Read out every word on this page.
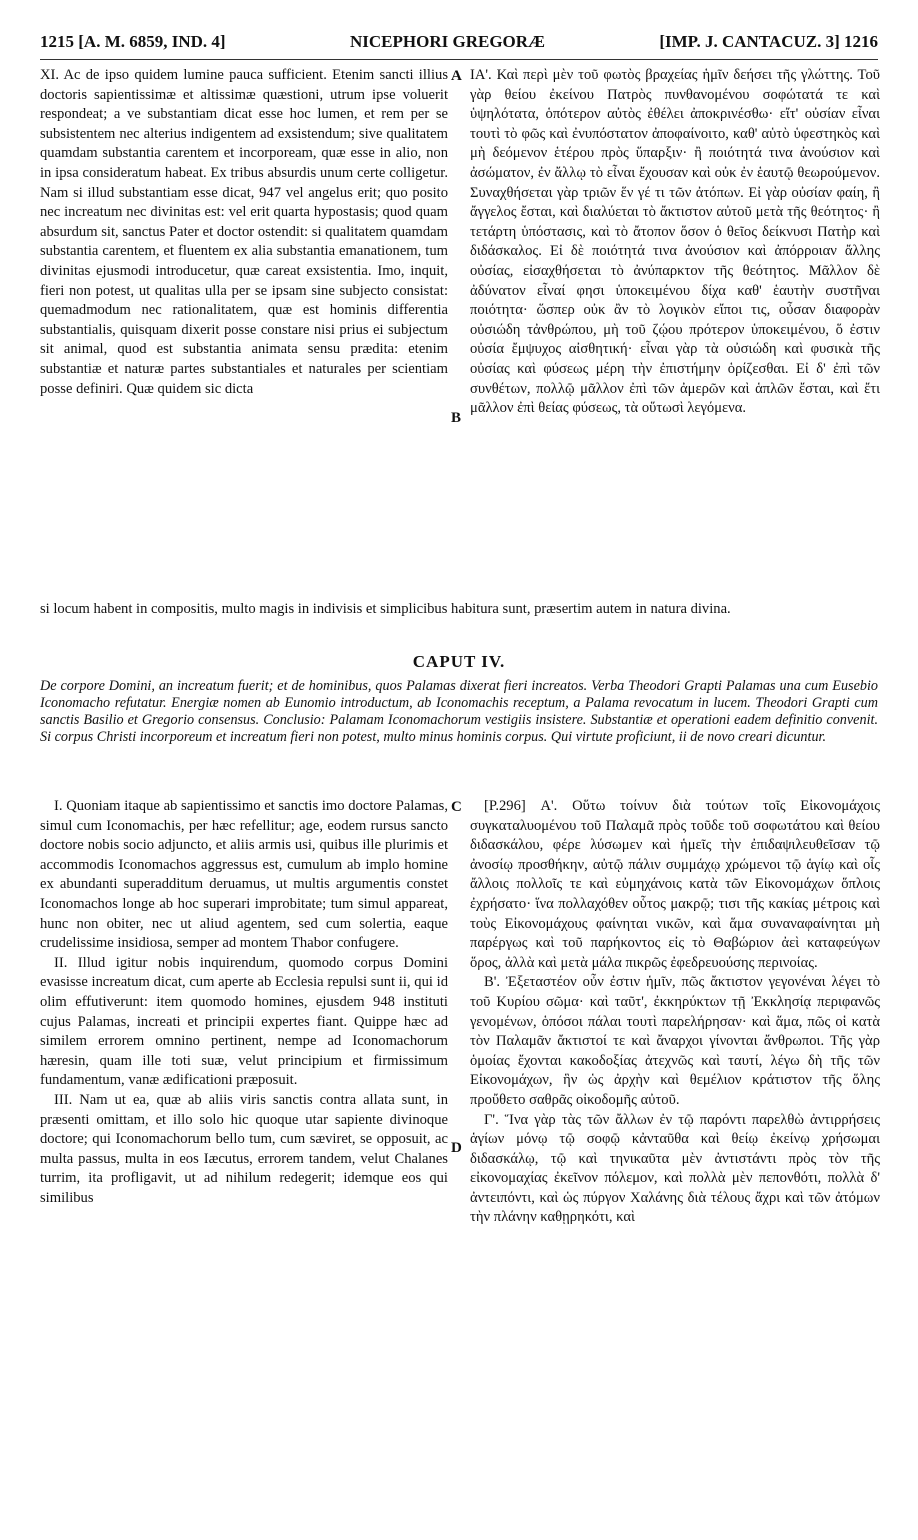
1215 [A. M. 6859, IND. 4]	NICEPHORI GREGORÆ	[IMP. J. CANTACUZ. 3] 1216

XI. Ac de ipso quidem lumine pauca sufficient. Etenim sancti illius doctoris sapientissimæ et altissimæ quæstioni, utrum ipse voluerit respondeat; a ve substantiam dicat esse hoc lumen, et rem per se subsistentem nec alterius indigentem ad exsistendum; sive qualitatem quamdam substantia carentem et incorpoream, quæ esse in alio, non in ipsa consideratum habeat. Ex tribus absurdis unum certe colligetur. Nam si illud substantiam esse dicat, 947 vel angelus erit; quo posito nec increatum nec divinitas est: vel erit quarta hypostasis; quod quam absurdum sit, sanctus Pater et doctor ostendit: si qualitatem quamdam substantia carentem, et fluentem ex alia substantia emanationem, tum divinitas ejusmodi introducetur, quæ careat exsistentia. Imo, inquit, fieri non potest, ut qualitas ulla per se ipsam sine subjecto consistat: quemadmodum nec rationalitatem, quæ est hominis differentia substantialis, quisquam dixerit posse constare nisi prius ei subjectum sit animal, quod est substantia animata sensu prædita: etenim substantiæ et naturæ partes substantiales et naturales per scientiam posse definiri. Quæ quidem sic dicta

A
B

ΙΑ'. Καὶ περὶ μὲν τοῦ φωτὸς βραχείας ἡμῖν δεήσει τῆς γλώττης. Τοῦ γὰρ θείου ἐκείνου Πατρὸς πυνθανομένου σοφώτατά τε καὶ ὑψηλότατα, ὁπότερον αὐτὸς ἐθέλει ἀποκρινέσθω· εἴτ' οὐσίαν εἶναι τουτὶ τὸ φῶς καὶ ἐνυπόστατον ἀποφαίνοιτο, καθ' αὑτὸ ὑφεστηκὸς καὶ μὴ δεόμενον ἑτέρου πρὸς ὕπαρξιν· ἢ ποιότητά τινα ἀνούσιον καὶ ἀσώματον, ἐν ἄλλῳ τὸ εἶναι ἔχουσαν καὶ οὐκ ἐν ἑαυτῷ θεωρούμενον. Συναχθήσεται γὰρ τριῶν ἕν γέ τι τῶν ἀτόπων. Εἰ γὰρ οὐσίαν φαίη, ἢ ἄγγελος ἔσται, καὶ διαλύεται τὸ ἄκτιστον αὐτοῦ μετὰ τῆς θεότητος· ἢ τετάρτη ὑπόστασις, καὶ τὸ ἄτοπον ὅσον ὁ θεῖος δείκνυσι Πατὴρ καὶ διδάσκαλος. Εἰ δὲ ποιότητά τινα ἀνούσιον καὶ ἀπόρροιαν ἄλλης οὐσίας, εἰσαχθήσεται τὸ ἀνύπαρκτον τῆς θεότητος. Μᾶλλον δὲ ἀδύνατον εἶναί φησι ὑποκειμένου δίχα καθ' ἑαυτὴν συστῆναι ποιότητα· ὥσπερ οὐκ ἂν τὸ λογικὸν εἴποι τις, οὖσαν διαφορὰν οὐσιώδη τἀνθρώπου, μὴ τοῦ ζῴου πρότερον ὑποκειμένου, ὅ ἐστιν οὐσία ἔμψυχος αἰσθητική· εἶναι γὰρ τὰ οὐσιώδη καὶ φυσικὰ τῆς οὐσίας καὶ φύσεως μέρη τὴν ἐπιστήμην ὁρίζεσθαι. Εἰ δ' ἐπὶ τῶν συνθέτων, πολλῷ μᾶλλον ἐπὶ τῶν ἀμερῶν καὶ ἁπλῶν ἔσται, καὶ ἔτι μᾶλλον ἐπὶ θείας φύσεως, τὰ οὕτωσὶ λεγόμενα.

si locum habent in compositis, multo magis in indivisis et simplicibus habitura sunt, præsertim autem in natura divina.

CAPUT IV.
De corpore Domini, an increatum fuerit; et de hominibus, quos Palamas dixerat fieri increatos. Verba Theodori Grapti Palamas una cum Eusebio Iconomacho refutatur. Energiæ nomen ab Eunomio introductum, ab Iconomachis receptum, a Palama revocatum in lucem. Theodori Grapti cum sanctis Basilio et Gregorio consensus. Conclusio: Palamam Iconomachorum vestigiis insistere. Substantiæ et operationi eadem definitio convenit. Si corpus Christi incorporeum et increatum fieri non potest, multo minus hominis corpus. Qui virtute proficiunt, ii de novo creari dicuntur.

I. Quoniam itaque ab sapientissimo et sanctis imo doctore Palamas, simul cum Iconomachis, per hæc refellitur; age, eodem rursus sancto doctore nobis socio adjuncto, et aliis armis usi, quibus ille plurimis et accommodis Iconomachos aggressus est, cumulum ab implo homine ex abundanti superadditum deruamus, ut multis argumentis constet Iconomachos longe ab hoc superari improbitate; tum simul appareat, hunc non obiter, nec ut aliud agentem, sed cum solertia, eaque crudelissime insidiosa, semper ad montem Thabor confugere.

II. Illud igitur nobis inquirendum, quomodo corpus Domini evasisse increatum dicat, cum aperte ab Ecclesia repulsi sunt ii, qui id olim effutiverunt: item quomodo homines, ejusdem 948 instituti cujus Palamas, increati et principii expertes fiant. Quippe hæc ad similem errorem omnino pertinent, nempe ad Iconomachorum hæresin, quam ille toti suæ, velut principium et firmissimum fundamentum, vanæ ædificationi præposuit.

III. Nam ut ea, quæ ab aliis viris sanctis contra allata sunt, in præsenti omittam, et illo solo hic quoque utar sapiente divinoque doctore; qui Iconomachorum bello tum, cum sæviret, se opposuit, ac multa passus, multa in eos Iæcutus, errorem tandem, velut Chalanes turrim, ita profligavit, ut ad nihilum redegerit; idemque eos qui similibus

C
D

[P.296] Α'. Οὕτω τοίνυν διὰ τούτων τοῖς Εἰκονομάχοις συγκαταλυομένου τοῦ Παλαμᾶ πρὸς τοῦδε τοῦ σοφωτάτου καὶ θείου διδασκάλου, φέρε λύσωμεν καὶ ἡμεῖς τὴν ἐπιδαψιλευθεῖσαν τῷ ἀνοσίῳ προσθήκην, αὐτῷ πάλιν συμμάχῳ χρώμενοι τῷ ἁγίῳ καὶ οἷς ἄλλοις πολλοῖς τε καὶ εὐμηχάνοις κατὰ τῶν Εἰκονομάχων ὅπλοις ἐχρήσατο· ἵνα πολλαχόθεν οὗτος μακρῷ; τισι τῆς κακίας μέτροις καὶ τοὺς Εἰκονομάχους φαίνηται νικῶν, καὶ ἅμα συναναφαίνηται μὴ παρέργως καὶ τοῦ παρήκοντος εἰς τὸ Θαβώριον ἀεὶ καταφεύγων ὅρος, ἀλλὰ καὶ μετὰ μάλα πικρῶς ἐφεδρευούσης περινοίας.

Β'. Ἐξεταστέον οὖν ἐστιν ἡμῖν, πῶς ἄκτιστον γεγονέναι λέγει τὸ τοῦ Κυρίου σῶμα· καὶ ταῦτ', ἐκκηρύκτων τῇ Ἐκκλησίᾳ περιφανῶς γενομένων, ὁπόσοι πάλαι τουτὶ παρελήρησαν· καὶ ἅμα, πῶς οἱ κατὰ τὸν Παλαμᾶν ἄκτιστοί τε καὶ ἄναρχοι γίνονται ἄνθρωποι. Τῆς γὰρ ὁμοίας ἔχονται κακοδοξίας ἀτεχνῶς καὶ ταυτί, λέγω δὴ τῆς τῶν Εἰκονομάχων, ἣν ὡς ἀρχὴν καὶ θεμέλιον κράτιστον τῆς ὅλης προὔθετο σαθρᾶς οἰκοδομῆς αὐτοῦ.

Γ'. Ἵνα γὰρ τὰς τῶν ἄλλων ἐν τῷ παρόντι παρελθὼ ἀντιρρήσεις ἁγίων μόνῳ τῷ σοφῷ κἀνταῦθα καὶ θείῳ ἐκείνῳ χρήσωμαι διδασκάλῳ, τῷ καὶ τηνικαῦτα μὲν ἀντιστάντι πρὸς τὸν τῆς εἰκονομαχίας ἐκεῖνον πόλεμον, καὶ πολλὰ μὲν πεπονθότι, πολλὰ δ' ἀντειπόντι, καὶ ὡς πύργον Χαλάνης διὰ τέλους ἄχρι καὶ τῶν ἀτόμων τὴν πλάνην καθῃρηκότι, καὶ
